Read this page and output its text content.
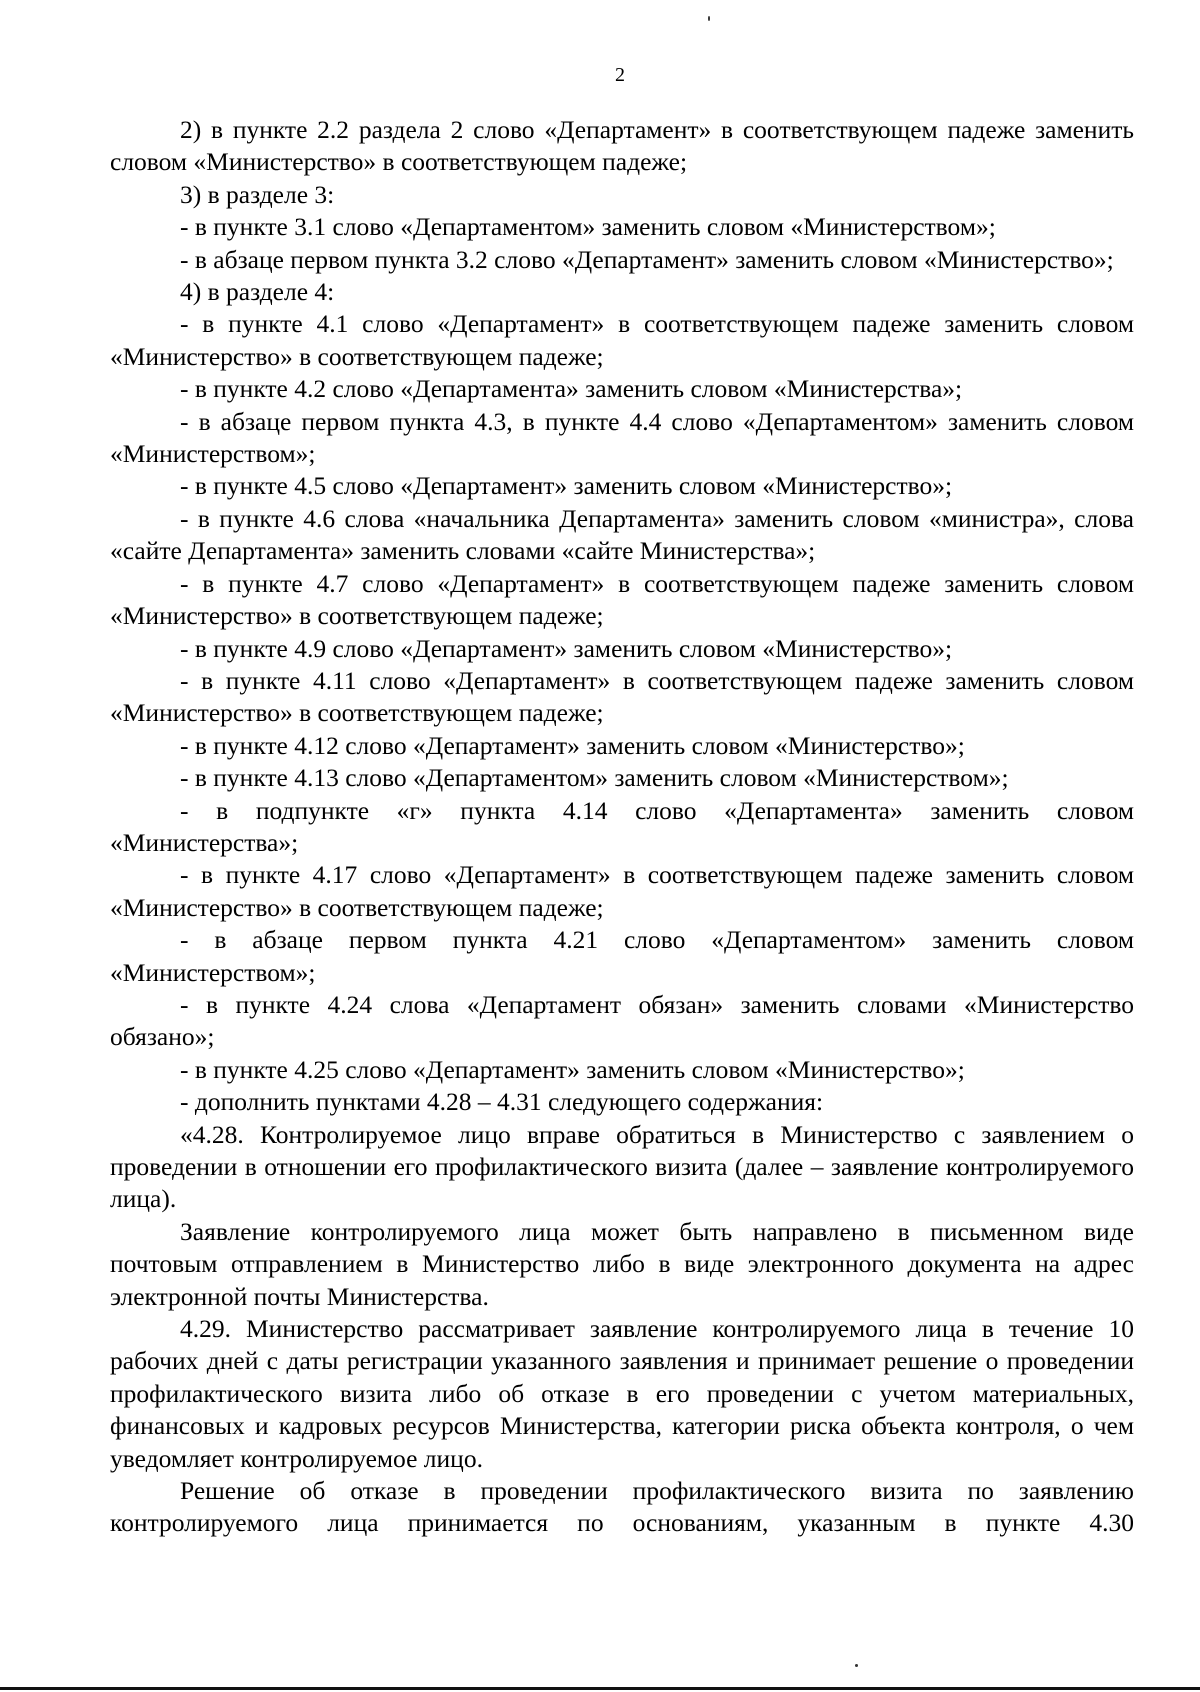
2

2) в пункте 2.2 раздела 2 слово «Департамент» в соответствующем падеже заменить словом «Министерство» в соответствующем падеже;

3) в разделе 3:

- в пункте 3.1 слово «Департаментом» заменить словом «Министерством»;

- в абзаце первом пункта 3.2 слово «Департамент» заменить словом «Министерство»;

4) в разделе 4:

- в пункте 4.1 слово «Департамент» в соответствующем падеже заменить словом «Министерство» в соответствующем падеже;

- в пункте 4.2 слово «Департамента» заменить словом «Министерства»;

- в абзаце первом пункта 4.3, в пункте 4.4 слово «Департаментом» заменить словом «Министерством»;

- в пункте 4.5 слово «Департамент» заменить словом «Министерство»;

- в пункте 4.6 слова «начальника Департамента» заменить словом «министра», слова «сайте Департамента» заменить словами «сайте Министерства»;

- в пункте 4.7 слово «Департамент» в соответствующем падеже заменить словом «Министерство» в соответствующем падеже;

- в пункте 4.9 слово «Департамент» заменить словом «Министерство»;

- в пункте 4.11 слово «Департамент» в соответствующем падеже заменить словом «Министерство» в соответствующем падеже;

- в пункте 4.12 слово «Департамент» заменить словом «Министерство»;

- в пункте 4.13 слово «Департаментом» заменить словом «Министерством»;

- в подпункте «г» пункта 4.14 слово «Департамента» заменить словом «Министерства»;

- в пункте 4.17 слово «Департамент» в соответствующем падеже заменить словом «Министерство» в соответствующем падеже;

- в абзаце первом пункта 4.21 слово «Департаментом» заменить словом «Министерством»;

- в пункте 4.24 слова «Департамент обязан» заменить словами «Министерство обязано»;

- в пункте 4.25 слово «Департамент» заменить словом «Министерство»;

- дополнить пунктами 4.28 – 4.31 следующего содержания:

«4.28. Контролируемое лицо вправе обратиться в Министерство с заявлением о проведении в отношении его профилактического визита (далее – заявление контролируемого лица).

Заявление контролируемого лица может быть направлено в письменном виде почтовым отправлением в Министерство либо в виде электронного документа на адрес электронной почты Министерства.

4.29. Министерство рассматривает заявление контролируемого лица в течение 10 рабочих дней с даты регистрации указанного заявления и принимает решение о проведении профилактического визита либо об отказе в его проведении с учетом материальных, финансовых и кадровых ресурсов Министерства, категории риска объекта контроля, о чем уведомляет контролируемое лицо.

Решение об отказе в проведении профилактического визита по заявлению контролируемого лица принимается по основаниям, указанным в пункте 4.30
